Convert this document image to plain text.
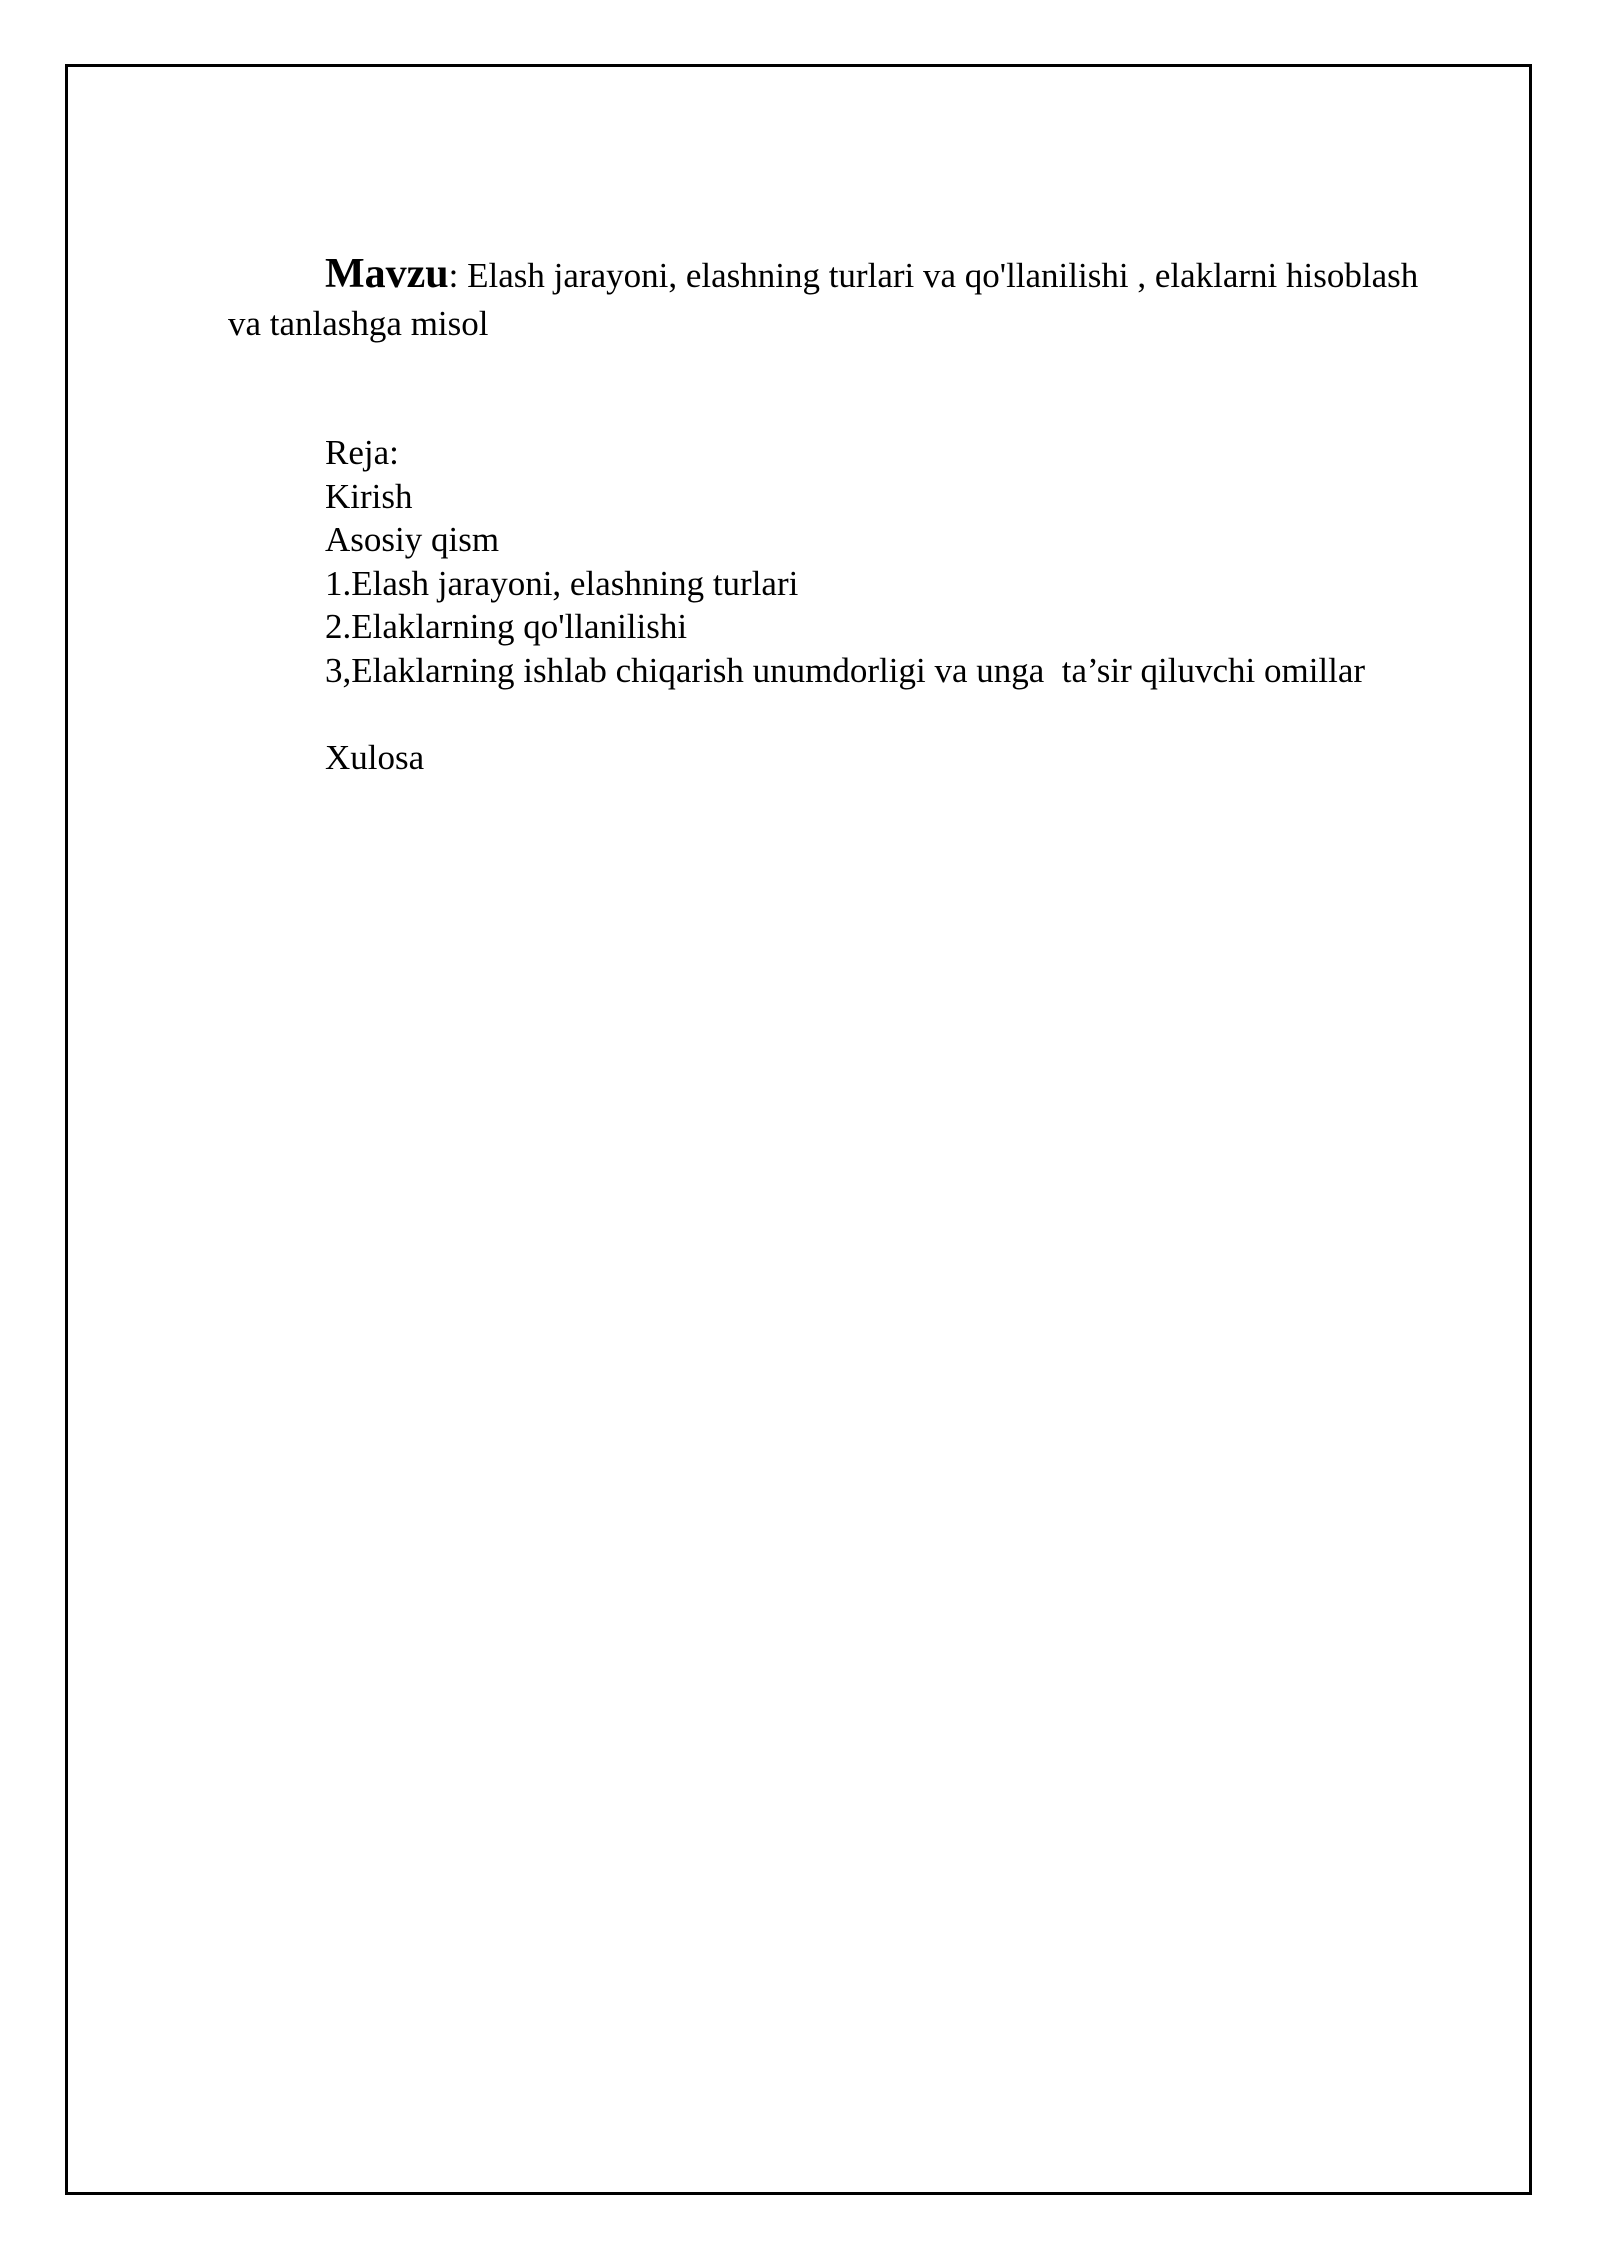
Mavzu: Elash jarayoni, elashning turlari va qo'llanilishi , elaklarni hisoblash
va tanlashga misol
Reja:
Kirish
Asosiy qism
1.Elash jarayoni, elashning turlari
2.Elaklarning qo'llanilishi
3,Elaklarning ishlab chiqarish unumdorligi va unga  ta’sir qiluvchi omillar
Xulosa
